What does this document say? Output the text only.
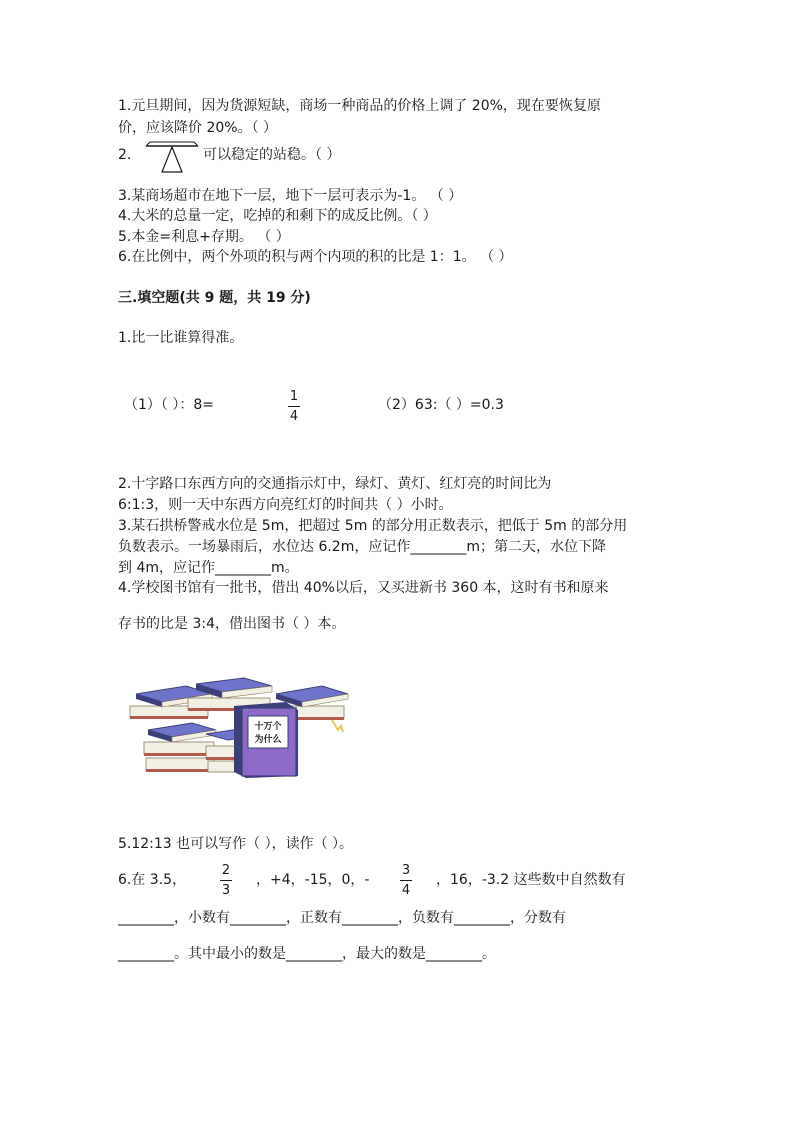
1.元旦期间，因为货源短缺，商场一种商品的价格上调了 20%，现在要恢复原
价，应该降价 20%。（ ）
2.	可以稳定的站稳。（ ）
3.某商场超市在地下一层，地下一层可表示为-1。 （ ）
4.大米的总量一定，吃掉的和剩下的成反比例。（ ）
5.本金=利息+存期。 （ ）
6.在比例中，两个外项的积与两个内项的积的比是 1：1。 （ ）
三.填空题(共 9 题，共 19 分)
1.比一比谁算得准。
（1）（ ）：8=
1
4
（2）63:（ ）=0.3
2.十字路口东西方向的交通指示灯中，绿灯、黄灯、红灯亮的时间比为
6:1:3，则一天中东西方向亮红灯的时间共（ ）小时。
3.某石拱桥警戒水位是 5m，把超过 5m 的部分用正数表示，把低于 5m 的部分用
负数表示。一场暴雨后，水位达 6.2m，应记作________m；第二天，水位下降
到 4m，应记作________m。
4.学校图书馆有一批书，借出 40%以后，又买进新书 360 本，这时有书和原来
存书的比是 3:4，借出图书（ ）本。
十万个
为什么
5.12:13 也可以写作（ ），读作（ ）。
6.在 3.5，
2
3
，+4，-15，0，-
3
4
，16，-3.2 这些数中自然数有
________，小数有________，正数有________，负数有________，分数有
________。其中最小的数是________，最大的数是________。
